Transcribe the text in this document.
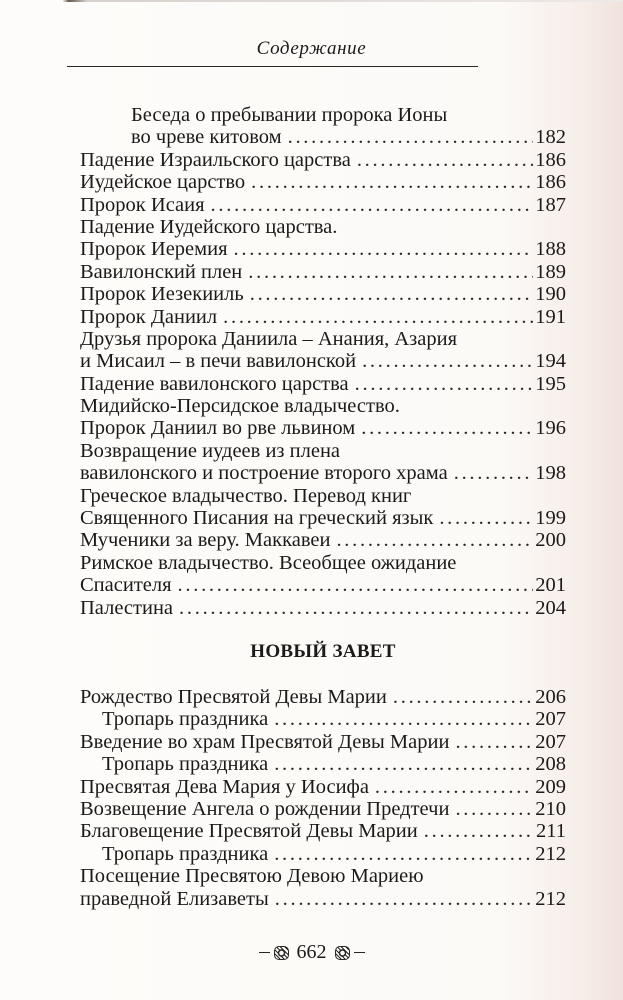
Содержание
Беседа о пребывании пророка Ионы
во чреве китовом . . .	182
Падение Израильского царства . . .	186
Иудейское царство . . .	186
Пророк Исаия . . .	187
Падение Иудейского царства.
Пророк Иеремия . . .	188
Вавилонский плен . . .	189
Пророк Иезекииль . . .	190
Пророк Даниил . . .	191
Друзья пророка Даниила – Анания, Азария
и Мисаил – в печи вавилонской . . .	194
Падение вавилонского царства . . .	195
Мидийско-Персидское владычество.
Пророк Даниил во рве львином . . .	196
Возвращение иудеев из плена
вавилонского и построение второго храма . . .	198
Греческое владычество. Перевод книг
Священного Писания на греческий язык . . .	199
Мученики за веру. Маккавеи . . .	200
Римское владычество. Всеобщее ожидание
Спасителя . . .	201
Палестина . . .	204
НОВЫЙ ЗАВЕТ
Рождество Пресвятой Девы Марии . . .	206
Тропарь праздника . . .	207
Введение во храм Пресвятой Девы Марии . . .	207
Тропарь праздника . . .	208
Пресвятая Дева Мария у Иосифа . . .	209
Возвещение Ангела о рождении Предтечи . . .	210
Благовещение Пресвятой Девы Марии . . .	211
Тропарь праздника . . .	212
Посещение Пресвятою Девою Мариею
праведной Елизаветы . . .	212
662
